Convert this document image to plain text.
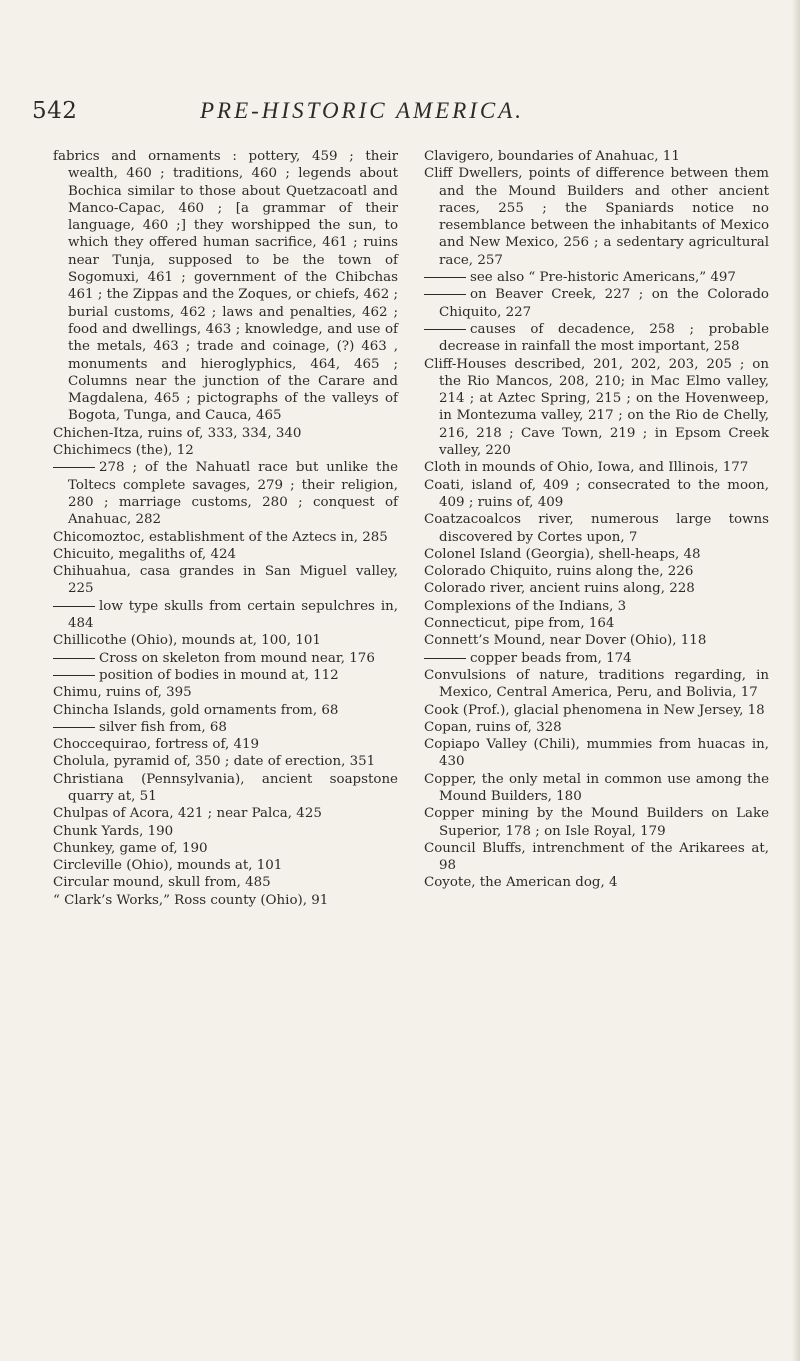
542	PRE-HISTORIC AMERICA.
fabrics and ornaments : pottery, 459 ; their wealth, 460 ; traditions, 460 ; legends about Bochica similar to those about Quetzacoatl and Manco-Capac, 460 ; [a grammar of their language, 460 ;] they worshipped the sun, to which they offered human sacrifice, 461 ; ruins near Tunja, supposed to be the town of Sogomuxi, 461 ; government of the Chibchas 461 ; the Zippas and the Zoques, or chiefs, 462 ; burial customs, 462 ; laws and penalties, 462 ; food and dwellings, 463 ; knowledge, and use of the metals, 463 ; trade and coinage, (?) 463 , monuments and hieroglyphics, 464, 465 ; Columns near the junction of the Carare and Magdalena, 465 ; pictographs of the valleys of Bogota, Tunga, and Cauca, 465
Chichen-Itza, ruins of, 333, 334, 340
Chichimecs (the), 12
278 ; of the Nahuatl race but unlike the Toltecs complete savages, 279 ; their religion, 280 ; marriage customs, 280 ; conquest of Anahuac, 282
Chicomoztoc, establishment of the Aztecs in, 285
Chicuito, megaliths of, 424
Chihuahua, casa grandes in San Miguel valley, 225
low type skulls from certain sepulchres in, 484
Chillicothe (Ohio), mounds at, 100, 101
Cross on skeleton from mound near, 176
position of bodies in mound at, 112
Chimu, ruins of, 395
Chincha Islands, gold ornaments from, 68
silver fish from, 68
Choccequirao, fortress of, 419
Cholula, pyramid of, 350 ; date of erection, 351
Christiana (Pennsylvania), ancient soapstone quarry at, 51
Chulpas of Acora, 421 ; near Palca, 425
Chunk Yards, 190
Chunkey, game of, 190
Circleville (Ohio), mounds at, 101
Circular mound, skull from, 485
“ Clark’s Works,” Ross county (Ohio), 91
Clavigero, boundaries of Anahuac, 11
Cliff Dwellers, points of difference between them and the Mound Builders and other ancient races, 255 ; the Spaniards notice no resemblance between the inhabitants of Mexico and New Mexico, 256 ; a sedentary agricultural race, 257
see also “ Pre-historic Americans,” 497
on Beaver Creek, 227 ; on the Colorado Chiquito, 227
causes of decadence, 258 ; probable decrease in rainfall the most important, 258
Cliff-Houses described, 201, 202, 203, 205 ; on the Rio Mancos, 208, 210; in Mac Elmo valley, 214 ; at Aztec Spring, 215 ; on the Hovenweep, in Montezuma valley, 217 ; on the Rio de Chelly, 216, 218 ; Cave Town, 219 ; in Epsom Creek valley, 220
Cloth in mounds of Ohio, Iowa, and Illinois, 177
Coati, island of, 409 ; consecrated to the moon, 409 ; ruins of, 409
Coatzacoalcos river, numerous large towns discovered by Cortes upon, 7
Colonel Island (Georgia), shell-heaps, 48
Colorado Chiquito, ruins along the, 226
Colorado river, ancient ruins along, 228
Complexions of the Indians, 3
Connecticut, pipe from, 164
Connett’s Mound, near Dover (Ohio), 118
copper beads from, 174
Convulsions of nature, traditions regarding, in Mexico, Central America, Peru, and Bolivia, 17
Cook (Prof.), glacial phenomena in New Jersey, 18
Copan, ruins of, 328
Copiapo Valley (Chili), mummies from huacas in, 430
Copper, the only metal in common use among the Mound Builders, 180
Copper mining by the Mound Builders on Lake Superior, 178 ; on Isle Royal, 179
Council Bluffs, intrenchment of the Arikarees at, 98
Coyote, the American dog, 4
